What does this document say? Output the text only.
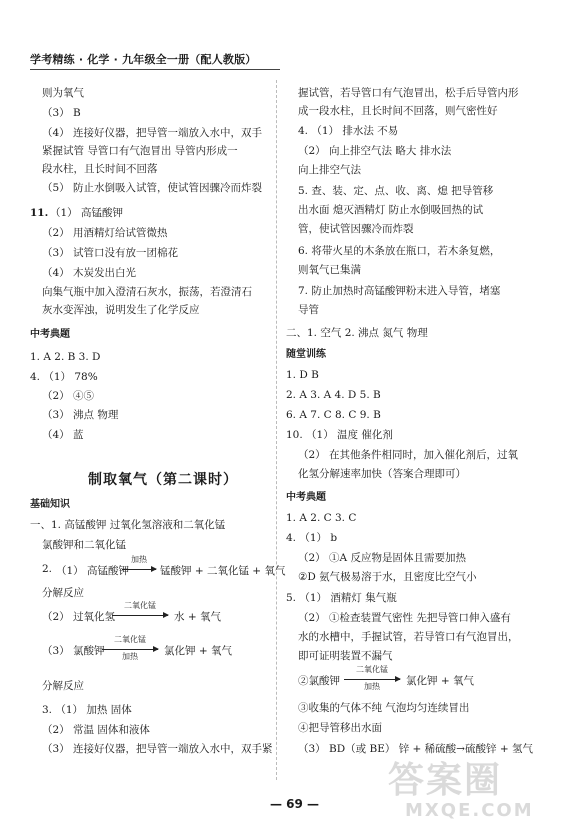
学考精练 · 化学 · 九年级全一册（配人教版）
则为氧气
（3） B
（4） 连接好仪器，把导管一端放入水中，双手
紧握试管 导管口有气泡冒出 导管内形成一
段水柱，且长时间不回落
（5） 防止水倒吸入试管，使试管因骤冷而炸裂
11. （1） 高锰酸钾
（2） 用酒精灯给试管微热
（3） 试管口没有放一团棉花
（4） 木炭发出白光
向集气瓶中加入澄清石灰水，振荡，若澄清石
灰水变浑浊，说明发生了化学反应
中考典题
1. A 2. B 3. D
4. （1） 78%
（2） ④⑤
（3） 沸点 物理
（4） 蓝
制取氧气（第二课时）
基础知识
一、1. 高锰酸钾 过氧化氢溶液和二氧化锰
氯酸钾和二氧化锰
2. （1） 高锰酸钾
加热
锰酸钾 + 二氧化锰 + 氧气
分解反应
（2） 过氧化氢
二氧化锰
水 + 氧气
（3） 氯酸钾
二氧化锰
加热	氯化钾 + 氧气
分解反应
3. （1） 加热 固体
（2） 常温 固体和液体
（3） 连接好仪器，把导管一端放入水中，双手紧
握试管，若导管口有气泡冒出，松手后导管内形
成一段水柱，且长时间不回落，则气密性好
4. （1） 排水法 不易
（2） 向上排空气法 略大 排水法
向上排空气法
5. 查、装、定、点、收、离、熄 把导管移
出水面 熄灭酒精灯 防止水倒吸回热的试
管，使试管因骤冷而炸裂
6. 将带火星的木条放在瓶口，若木条复燃，
则氧气已集满
7. 防止加热时高锰酸钾粉末进入导管，堵塞
导管
二、1. 空气 2. 沸点 氮气 物理
随堂训练
1. D B
2. A 3. A 4. D 5. B
6. A 7. C 8. C 9. B
10. （1） 温度 催化剂
（2） 在其他条件相同时，加入催化剂后，过氧
化氢分解速率加快（答案合理即可）
中考典题
1. A 2. C 3. C
4. （1） b
（2） ①A 反应物是固体且需要加热
②D 氨气极易溶于水，且密度比空气小
5. （1） 酒精灯 集气瓶
（2） ①检查装置气密性 先把导管口伸入盛有
水的水槽中，手握试管，若导管口有气泡冒出，
即可证明装置不漏气
②氯酸钾
二氧化锰
加热	氯化钾 + 氧气
③收集的气体不纯 气泡均匀连续冒出
④把导管移出水面
（3） BD（或 BE） 锌 + 稀硫酸→硫酸锌 + 氢气
— 69 —
答案圈
MXQE.COM
